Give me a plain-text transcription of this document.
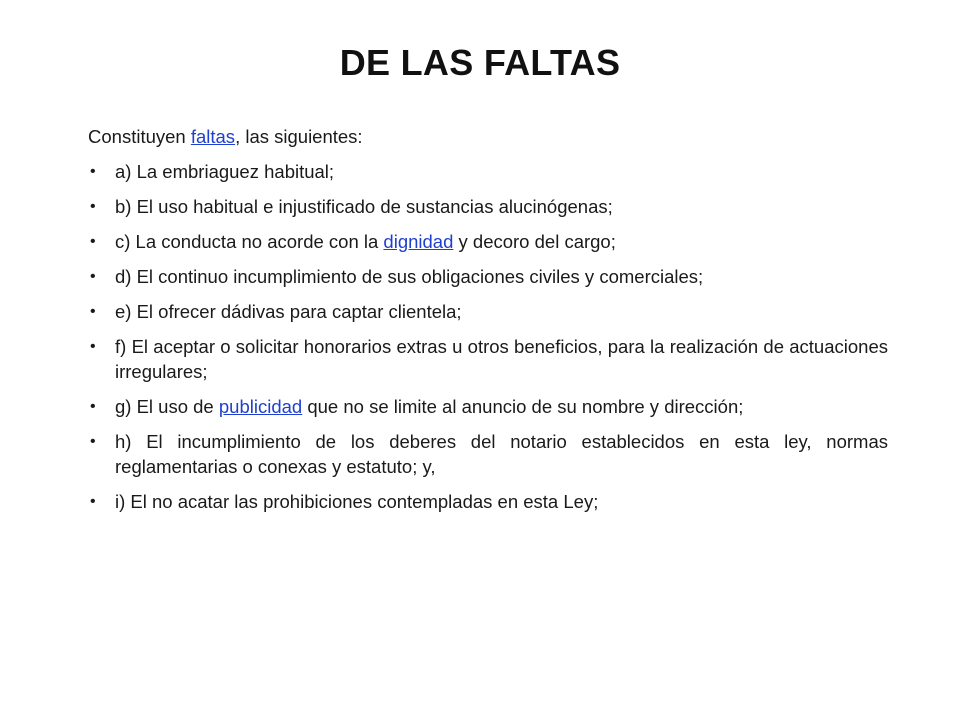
DE LAS FALTAS

Constituyen faltas, las siguientes:

• a) La embriaguez habitual;
• b) El uso habitual e injustificado de sustancias alucinógenas;
• c) La conducta no acorde con la dignidad y decoro del cargo;
• d) El continuo incumplimiento de sus obligaciones civiles y comerciales;
• e) El ofrecer dádivas para captar clientela;
• f) El aceptar o solicitar honorarios extras u otros beneficios, para la realización de actuaciones irregulares;
• g) El uso de publicidad que no se limite al anuncio de su nombre y dirección;
• h) El incumplimiento de los deberes del notario establecidos en esta ley, normas reglamentarias o conexas y estatuto; y,
• i) El no acatar las prohibiciones contempladas en esta Ley;
